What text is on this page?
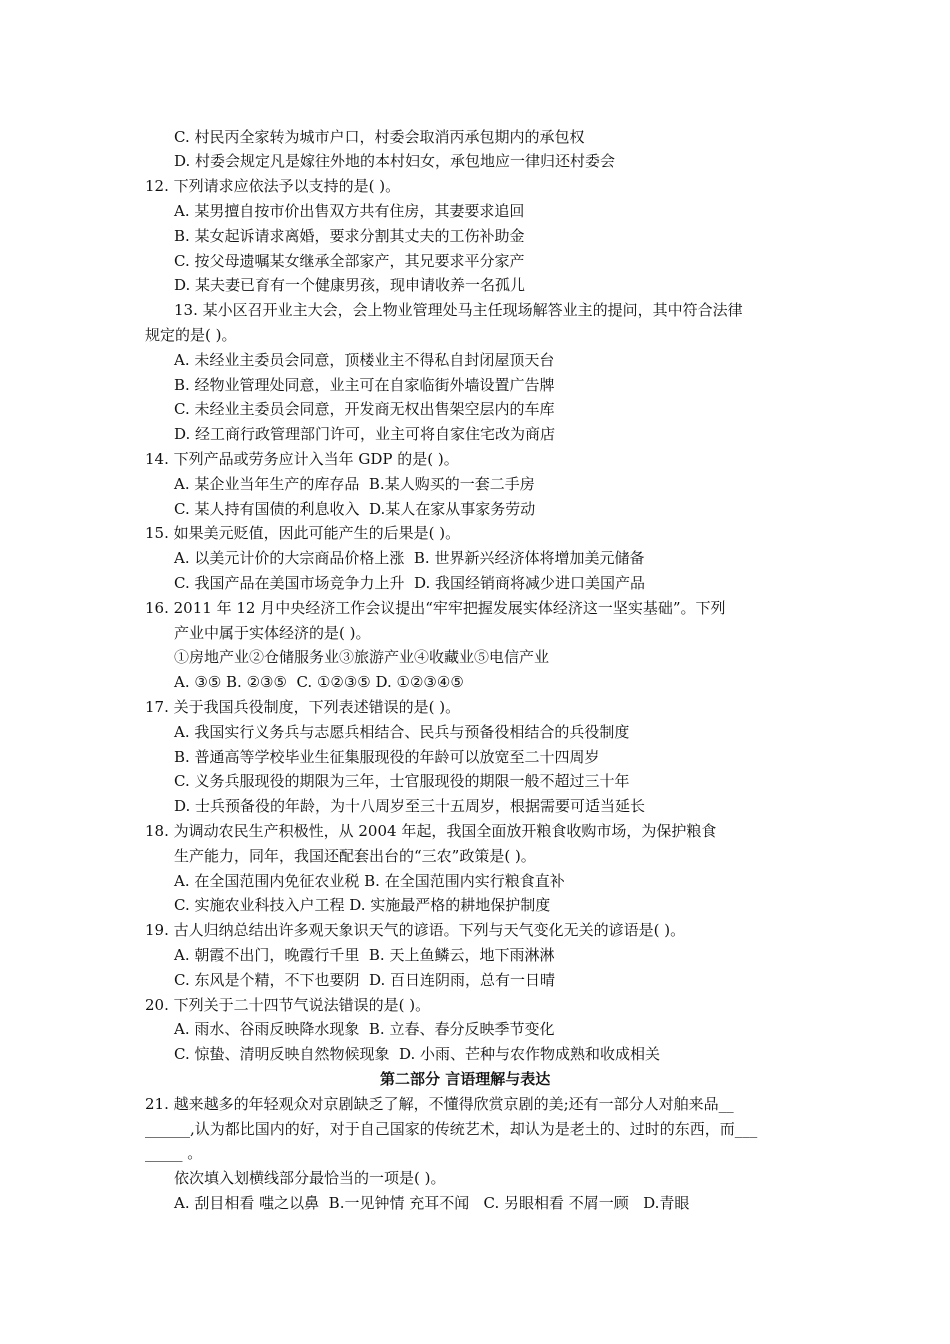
C. 村民丙全家转为城市户口，村委会取消丙承包期内的承包权
D. 村委会规定凡是嫁往外地的本村妇女，承包地应一律归还村委会
12. 下列请求应依法予以支持的是( )。
A. 某男擅自按市价出售双方共有住房，其妻要求追回
B. 某女起诉请求离婚，要求分割其丈夫的工伤补助金
C. 按父母遗嘱某女继承全部家产，其兄要求平分家产
D. 某夫妻已育有一个健康男孩，现申请收养一名孤儿
13. 某小区召开业主大会，会上物业管理处马主任现场解答业主的提问，其中符合法律
规定的是( )。
A. 未经业主委员会同意，顶楼业主不得私自封闭屋顶天台
B. 经物业管理处同意，业主可在自家临街外墙设置广告牌
C. 未经业主委员会同意，开发商无权出售架空层内的车库
D. 经工商行政管理部门许可，业主可将自家住宅改为商店
14. 下列产品或劳务应计入当年 GDP 的是( )。
A. 某企业当年生产的库存品  B.某人购买的一套二手房
C. 某人持有国债的利息收入  D.某人在家从事家务劳动
15. 如果美元贬值，因此可能产生的后果是( )。
A. 以美元计价的大宗商品价格上涨  B. 世界新兴经济体将增加美元储备
C. 我国产品在美国市场竞争力上升  D. 我国经销商将减少进口美国产品
16. 2011 年 12 月中央经济工作会议提出“牢牢把握发展实体经济这一坚实基础”。下列
产业中属于实体经济的是( )。
①房地产业②仓储服务业③旅游产业④收藏业⑤电信产业
A. ③⑤ B. ②③⑤  C. ①②③⑤ D. ①②③④⑤
17. 关于我国兵役制度，下列表述错误的是( )。
A. 我国实行义务兵与志愿兵相结合、民兵与预备役相结合的兵役制度
B. 普通高等学校毕业生征集服现役的年龄可以放宽至二十四周岁
C. 义务兵服现役的期限为三年，士官服现役的期限一般不超过三十年
D. 士兵预备役的年龄，为十八周岁至三十五周岁，根据需要可适当延长
18. 为调动农民生产积极性，从 2004 年起，我国全面放开粮食收购市场，为保护粮食
生产能力，同年，我国还配套出台的“三农”政策是( )。
A. 在全国范围内免征农业税 B. 在全国范围内实行粮食直补
C. 实施农业科技入户工程 D. 实施最严格的耕地保护制度
19. 古人归纳总结出许多观天象识天气的谚语。下列与天气变化无关的谚语是( )。
A. 朝霞不出门，晚霞行千里  B. 天上鱼鳞云，地下雨淋淋
C. 东风是个精，不下也要阴  D. 百日连阴雨，总有一日晴
20. 下列关于二十四节气说法错误的是( )。
A. 雨水、谷雨反映降水现象  B. 立春、春分反映季节变化
C. 惊蛰、清明反映自然物候现象  D. 小雨、芒种与农作物成熟和收成相关
第二部分 言语理解与表达
21. 越来越多的年轻观众对京剧缺乏了解，不懂得欣赏京剧的美;还有一部分人对舶来品__
______,认为都比国内的好，对于自己国家的传统艺术，却认为是老土的、过时的东西，而___
_____ 。
依次填入划横线部分最恰当的一项是( )。
A. 刮目相看 嗤之以鼻  B.一见钟情 充耳不闻   C. 另眼相看 不屑一顾   D.青眼
